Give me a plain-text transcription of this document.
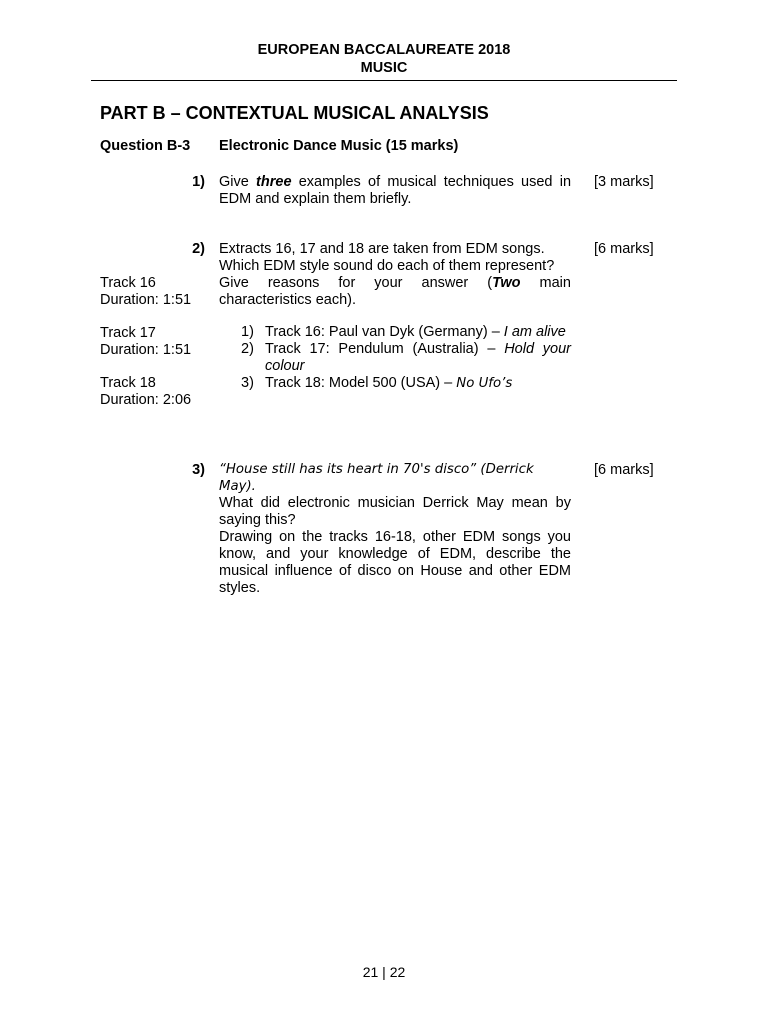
EUROPEAN BACCALAUREATE 2018
MUSIC
PART B – CONTEXTUAL MUSICAL ANALYSIS
Question B-3 Electronic Dance Music (15 marks)
1) Give three examples of musical techniques used in EDM and explain them briefly.
[3 marks]
2)	[6 marks]
Extracts 16, 17 and 18 are taken from EDM songs.
Which EDM style sound do each of them represent?
Give reasons for your answer (Two main
characteristics each).
Track 16
Duration: 1:51
Track 17
Duration: 1:51
Track 18
Duration: 2:06
1) Track 16: Paul van Dyk (Germany) – I am alive
2) Track 17: Pendulum (Australia) – Hold your colour
3) Track 18: Model 500 (USA) – No Ufo’s
3) “House still has its heart in 70's disco” (Derrick May).
[6 marks]
What did electronic musician Derrick May mean by saying this?
Drawing on the tracks 16-18, other EDM songs you know, and your knowledge of EDM, describe the musical influence of disco on House and other EDM styles.
21 | 22
